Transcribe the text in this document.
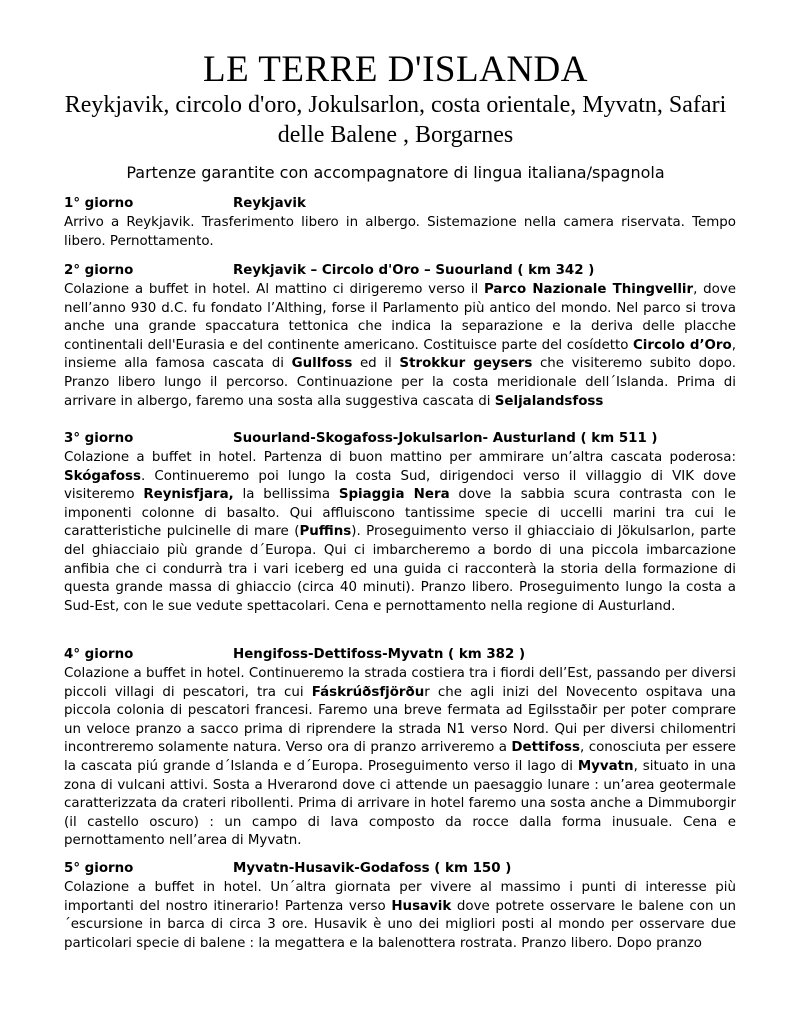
LE TERRE D'ISLANDA
Reykjavik, circolo d'oro, Jokulsarlon, costa orientale, Myvatn, Safari delle Balene , Borgarnes
Partenze garantite con accompagnatore di lingua italiana/spagnola
1° giorno	Reykjavik
Arrivo a Reykjavik. Trasferimento libero in albergo. Sistemazione nella camera riservata. Tempo libero. Pernottamento.
2° giorno	Reykjavik – Circolo d'Oro – Suourland ( km 342 )
Colazione a buffet in hotel. Al mattino ci dirigeremo verso il Parco Nazionale Thingvellir, dove nell’anno 930 d.C. fu fondato l’Althing, forse il Parlamento più antico del mondo. Nel parco si trova anche una grande spaccatura tettonica che indica la separazione e la deriva delle placche continentali dell'Eurasia e del continente americano. Costituisce parte del cosídetto Circolo d’Oro, insieme alla famosa cascata di Gullfoss ed il Strokkur geysers che visiteremo subito dopo. Pranzo libero lungo il percorso. Continuazione per la costa meridionale dell´Islanda. Prima di arrivare in albergo, faremo una sosta alla suggestiva cascata di Seljalandsfoss
3° giorno	Suourland-Skogafoss-Jokulsarlon- Austurland ( km 511 )
Colazione a buffet in hotel. Partenza di buon mattino per ammirare un’altra cascata poderosa: Skógafoss. Continueremo poi lungo la costa Sud, dirigendoci verso il villaggio di VIK dove visiteremo Reynisfjara, la bellissima Spiaggia Nera dove la sabbia scura contrasta con le imponenti colonne di basalto. Qui affluiscono tantissime specie di uccelli marini tra cui le caratteristiche pulcinelle di mare (Puffins). Proseguimento verso il ghiacciaio di Jökulsarlon, parte del ghiacciaio più grande d´Europa. Qui ci imbarcheremo a bordo di una piccola imbarcazione anfibia che ci condurrà tra i vari iceberg ed una guida ci racconterà la storia della formazione di questa grande massa di ghiaccio (circa 40 minuti). Pranzo libero. Proseguimento lungo la costa a Sud-Est, con le sue vedute spettacolari. Cena e pernottamento nella regione di Austurland.
4° giorno	Hengifoss-Dettifoss-Myvatn ( km 382 )
Colazione a buffet in hotel. Continueremo la strada costiera tra i fiordi dell’Est, passando per diversi piccoli villagi di pescatori, tra cui Fáskrúðsfjörður che agli inizi del Novecento ospitava una piccola colonia di pescatori francesi. Faremo una breve fermata ad Egilsstaðir per poter comprare un veloce pranzo a sacco prima di riprendere la strada N1 verso Nord. Qui per diversi chilomentri incontreremo solamente natura. Verso ora di pranzo arriveremo a Dettifoss, conosciuta per essere la cascata piú grande d´Islanda e d´Europa. Proseguimento verso il lago di Myvatn, situato in una zona di vulcani attivi. Sosta a Hverarond dove ci attende un paesaggio lunare : un’area geotermale caratterizzata da crateri ribollenti. Prima di arrivare in hotel faremo una sosta anche a Dimmuborgir (il castello oscuro) : un campo di lava composto da rocce dalla forma inusuale. Cena e pernottamento nell’area di Myvatn.
5° giorno	Myvatn-Husavik-Godafoss ( km 150 )
Colazione a buffet in hotel. Un´altra giornata per vivere al massimo i punti di interesse più importanti del nostro itinerario! Partenza verso Husavik dove potrete osservare le balene con un ´escursione in barca di circa 3 ore. Husavik è uno dei migliori posti al mondo per osservare due particolari specie di balene : la megattera e la balenottera rostrata. Pranzo libero. Dopo pranzo
